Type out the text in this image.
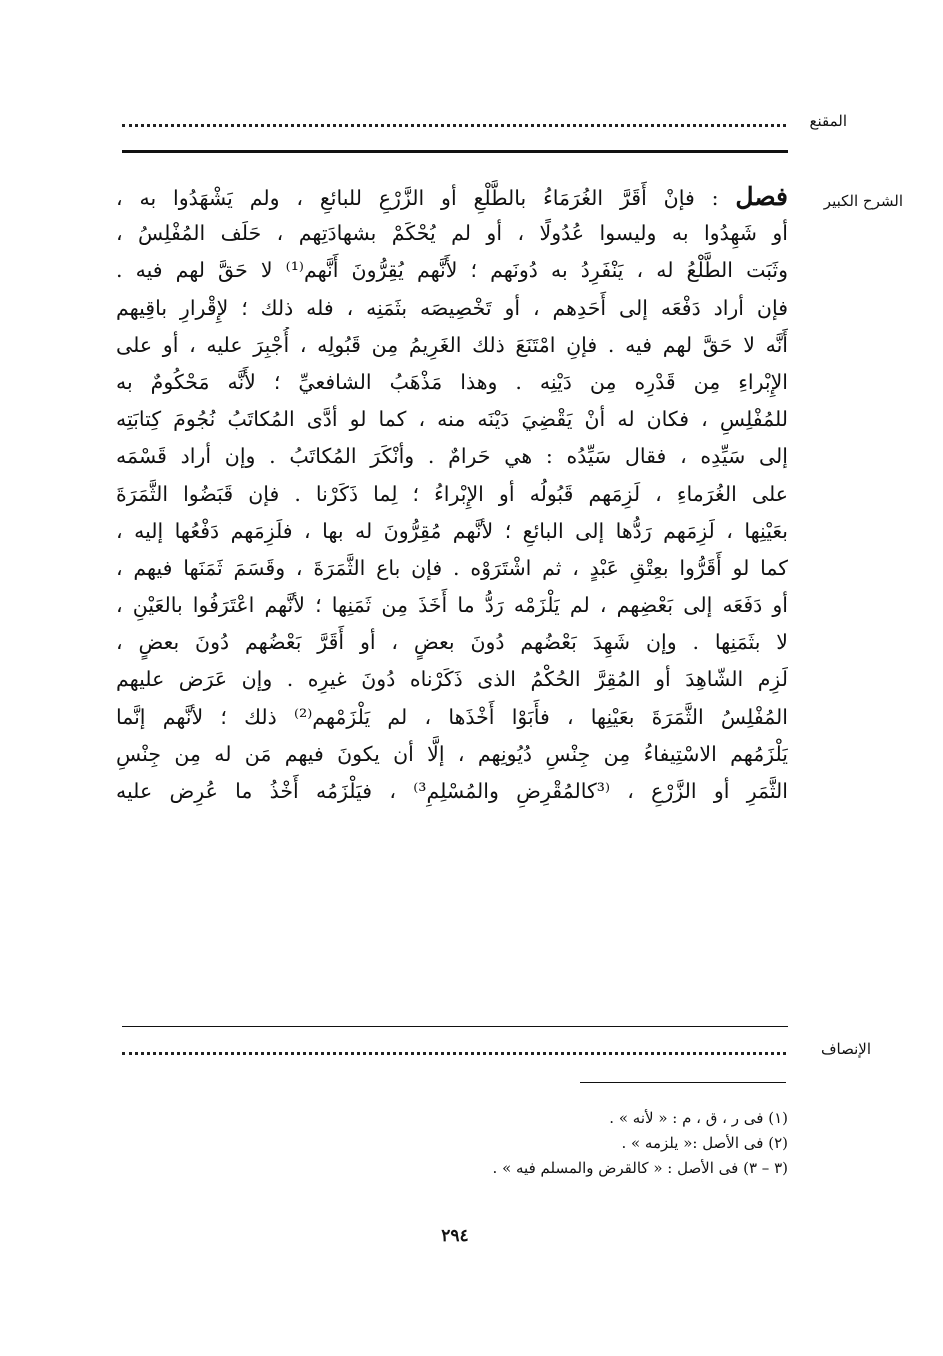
المقنع
الشرح الكبير
فصل : فإنْ أَقَرَّ الغُرَمَاءُ بالطَّلْعِ أو الزَّرْعِ للبائعِ ، ولم يَشْهَدُوا به ،
أو شَهِدُوا به وليسوا عُدُولًا ، أو لم يُحْكَمْ بشهادَتِهم ، حَلَف المُفْلِسُ ،
وثَبَت الطَّلْعُ له ، يَنْفَرِدُ به دُونَهم ؛ لأَنَّهم يُقِرُّونَ أَنَّهم⁽¹⁾ لا حَقَّ لهم فيه .
فإن أراد دَفْعَه إلى أَحَدِهم ، أو تَخْصِيصَه بثَمَنِه ، فله ذلك ؛ لإِقْرارِ باقِيهم
أَنَّه لا حَقَّ لهم فيه . فإنِ امْتَنَعَ ذلك الغَرِيمُ مِن قَبُولِه ، أُجْبِرَ عليه ، أو على
الإِبْراءِ مِن قَدْرِه مِن دَيْنِه . وهذا مَذْهَبُ الشافعيِّ ؛ لأَنَّه مَحْكُومٌ به
للمُفْلِسِ ، فكان له أنْ يَقْضِيَ دَيْنَه منه ، كما لو أدَّى المُكاتَبُ نُجُومَ كِتابَتِه
إلى سَيِّدِه ، فقال سَيِّدُه : هي حَرامٌ . وأنْكَرَ المُكاتَبُ . وإن أراد قَسْمَه
على الغُرَماءِ ، لَزِمَهم قَبُولُه أو الإِبْراءُ ؛ لِما ذَكَرْنا . فإن قَبَضُوا الثَّمَرَةَ
بعَيْنِها ، لَزِمَهم رَدُّها إلى البائعِ ؛ لأنَّهم مُقِرُّونَ له بها ، فلَزِمَهم دَفْعُها إليه ،
كما لو أَقَرُّوا بعِتْقِ عَبْدٍ ، ثم اشْتَرَوْه . فإن باع الثَّمَرَةَ ، وقَسَمَ ثَمَنَها فيهم ،
أو دَفَعَه إلى بَعْضِهم ، لم يَلْزَمْه رَدُّ ما أَخَذَ مِن ثَمَنِها ؛ لأنَّهم اعْتَرَفُوا بالعَيْنِ ،
لا بثَمَنِها . وإن شَهِدَ بَعْضُهم دُونَ بعضٍ ، أو أَقَرَّ بَعْضُهم دُونَ بعضٍ ،
لَزِم الشّاهِدَ أو المُقِرَّ الحُكْمُ الذى ذَكَرْناه دُونَ غيرِه . وإن عَرَض عليهم
المُفْلِسُ الثَّمَرَةَ بعَيْنِها ، فأَبَوْا أَخْذَها ، لم يَلْزَمْهم⁽²⁾ ذلك ؛ لأنَّهم إنَّما
يَلْزَمُهم الاسْتِيفاءُ مِن جِنْسِ دُيُونِهم ، إلَّا أن يكونَ فيهم مَن له مِن جِنْسِ
الثَّمَرِ أو الزَّرْعِ ، ⁽³كالمُقْرِضِ والمُسْلِمِ³⁾ ، فيَلْزَمُه أَخْذُ ما عُرِض عليه
الإنصاف
(١) فى ر ، ق ، م : « لأنه » .
(٢) فى الأصل :« يلزمه » .
(٣ – ٣) فى الأصل : « كالقرض والمسلم فيه » .
٢٩٤
